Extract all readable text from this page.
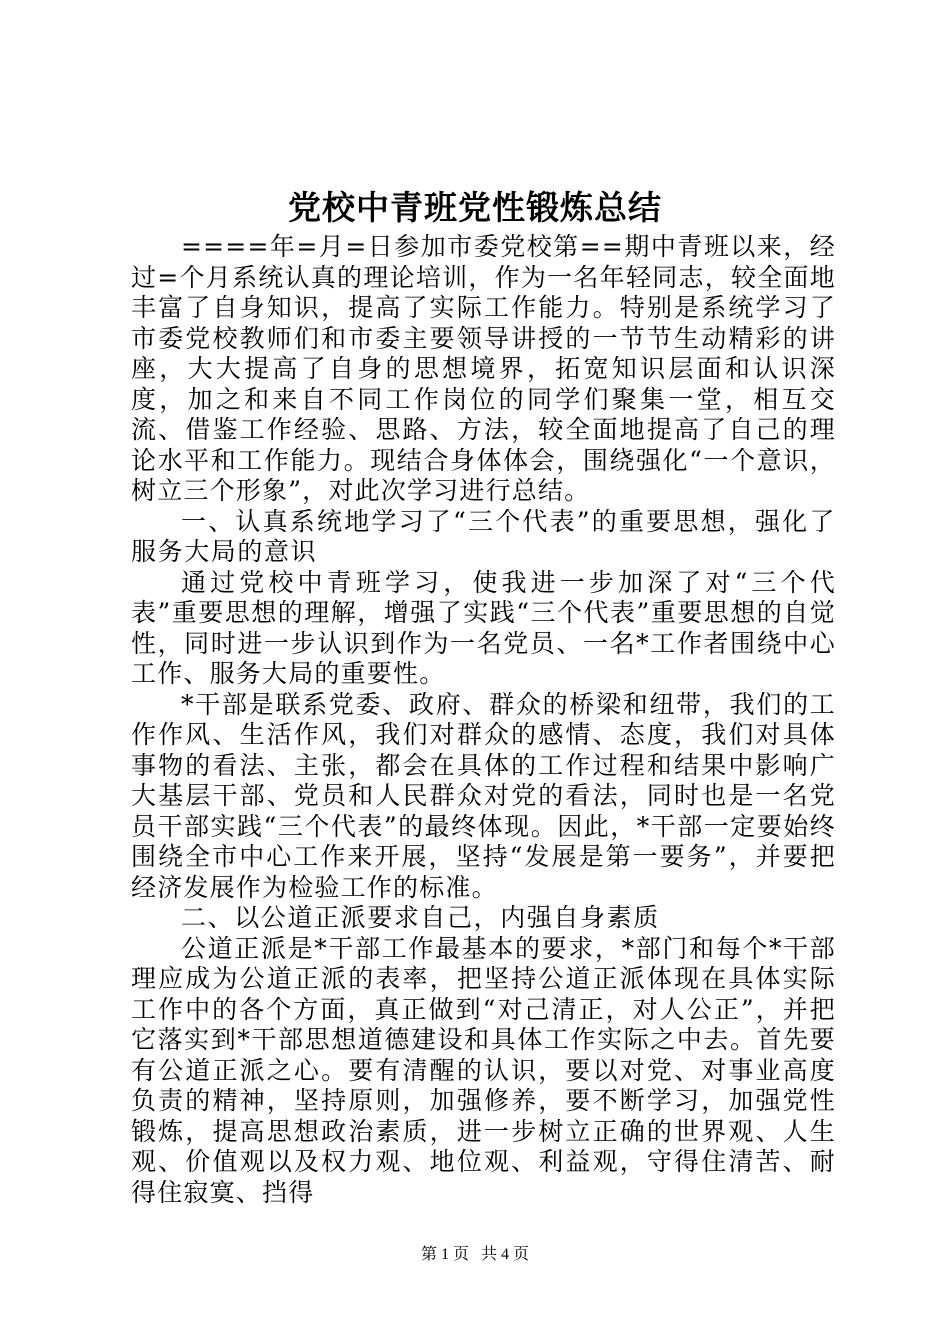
党校中青班党性锻炼总结

====年=月=日参加市委党校第==期中青班以来，经过=个月系统认真的理论培训，作为一名年轻同志，较全面地丰富了自身知识，提高了实际工作能力。特别是系统学习了市委党校教师们和市委主要领导讲授的一节节生动精彩的讲座，大大提高了自身的思想境界，拓宽知识层面和认识深度，加之和来自不同工作岗位的同学们聚集一堂，相互交流、借鉴工作经验、思路、方法，较全面地提高了自己的理论水平和工作能力。现结合身体体会，围绕强化“一个意识，树立三个形象”，对此次学习进行总结。

一、认真系统地学习了“三个代表”的重要思想，强化了服务大局的意识

通过党校中青班学习，使我进一步加深了对“三个代表”重要思想的理解，增强了实践“三个代表”重要思想的自觉性，同时进一步认识到作为一名党员、一名*工作者围绕中心工作、服务大局的重要性。

*干部是联系党委、政府、群众的桥梁和纽带，我们的工作作风、生活作风，我们对群众的感情、态度，我们对具体事物的看法、主张，都会在具体的工作过程和结果中影响广大基层干部、党员和人民群众对党的看法，同时也是一名党员干部实践“三个代表”的最终体现。因此，*干部一定要始终围绕全市中心工作来开展，坚持“发展是第一要务”，并要把经济发展作为检验工作的标准。

二、以公道正派要求自己，内强自身素质

公道正派是*干部工作最基本的要求，*部门和每个*干部理应成为公道正派的表率，把坚持公道正派体现在具体实际工作中的各个方面，真正做到“对己清正，对人公正”，并把它落实到*干部思想道德建设和具体工作实际之中去。首先要有公道正派之心。要有清醒的认识，要以对党、对事业高度负责的精神，坚持原则，加强修养，要不断学习，加强党性锻炼，提高思想政治素质，进一步树立正确的世界观、人生观、价值观以及权力观、地位观、利益观，守得住清苦、耐得住寂寞、挡得

第 1 页 共 4 页
